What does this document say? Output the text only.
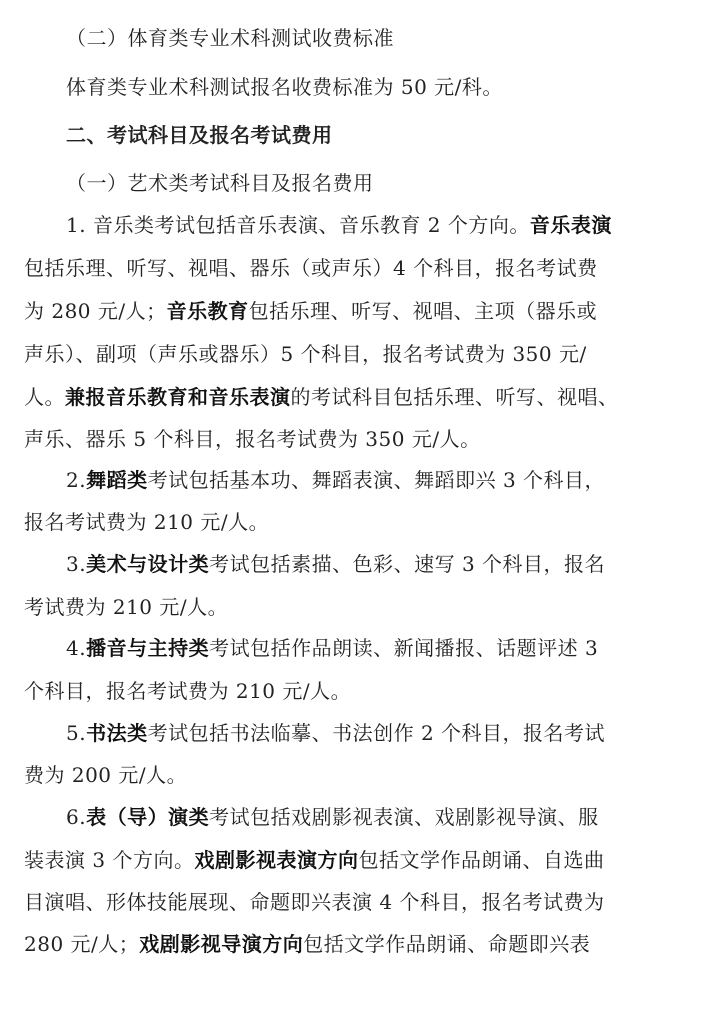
（二）体育类专业术科测试收费标准
体育类专业术科测试报名收费标准为 50 元/科。
二、考试科目及报名考试费用
（一）艺术类考试科目及报名费用
1. 音乐类考试包括音乐表演、音乐教育 2 个方向。音乐表演
包括乐理、听写、视唱、器乐（或声乐）4 个科目，报名考试费
为 280 元/人；音乐教育包括乐理、听写、视唱、主项（器乐或
声乐）、副项（声乐或器乐）5 个科目，报名考试费为 350 元/
人。兼报音乐教育和音乐表演的考试科目包括乐理、听写、视唱、
声乐、器乐 5 个科目，报名考试费为 350 元/人。
2.舞蹈类考试包括基本功、舞蹈表演、舞蹈即兴 3 个科目，
报名考试费为 210 元/人。
3.美术与设计类考试包括素描、色彩、速写 3 个科目，报名
考试费为 210 元/人。
4.播音与主持类考试包括作品朗读、新闻播报、话题评述 3
个科目，报名考试费为 210 元/人。
5.书法类考试包括书法临摹、书法创作 2 个科目，报名考试
费为 200 元/人。
6.表（导）演类考试包括戏剧影视表演、戏剧影视导演、服
装表演 3 个方向。戏剧影视表演方向包括文学作品朗诵、自选曲
目演唱、形体技能展现、命题即兴表演 4 个科目，报名考试费为
280 元/人；戏剧影视导演方向包括文学作品朗诵、命题即兴表
